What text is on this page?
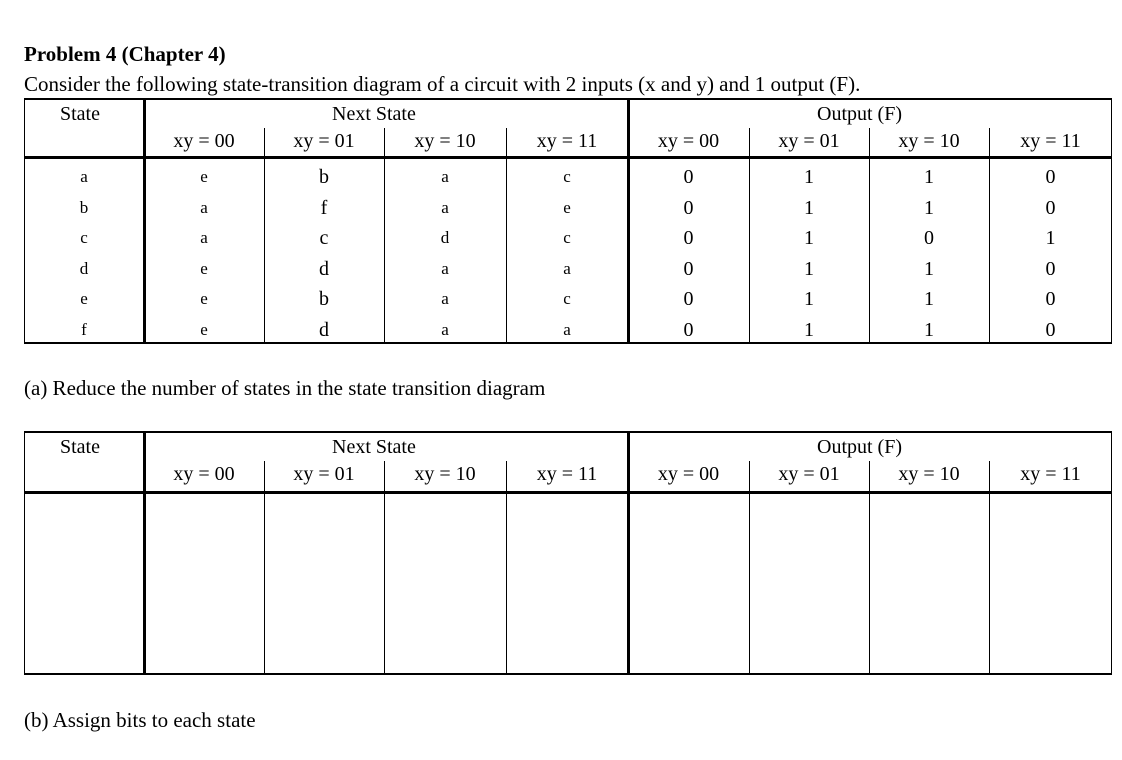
Problem 4 (Chapter 4)
Consider the following state-transition diagram of a circuit with 2 inputs (x and y) and 1 output (F).
State	Next State	Output (F)
xy = 00	xy = 01	xy = 10	xy = 11	xy = 00	xy = 01	xy = 10	xy = 11
a	e	b	a	c	0	1	1	0
b	a	f	a	e	0	1	1	0
c	a	c	d	c	0	1	0	1
d	e	d	a	a	0	1	1	0
e	e	b	a	c	0	1	1	0
f	e	d	a	a	0	1	1	0
(a) Reduce the number of states in the state transition diagram
State	Next State	Output (F)
xy = 00	xy = 01	xy = 10	xy = 11	xy = 00	xy = 01	xy = 10	xy = 11
(b) Assign bits to each state
